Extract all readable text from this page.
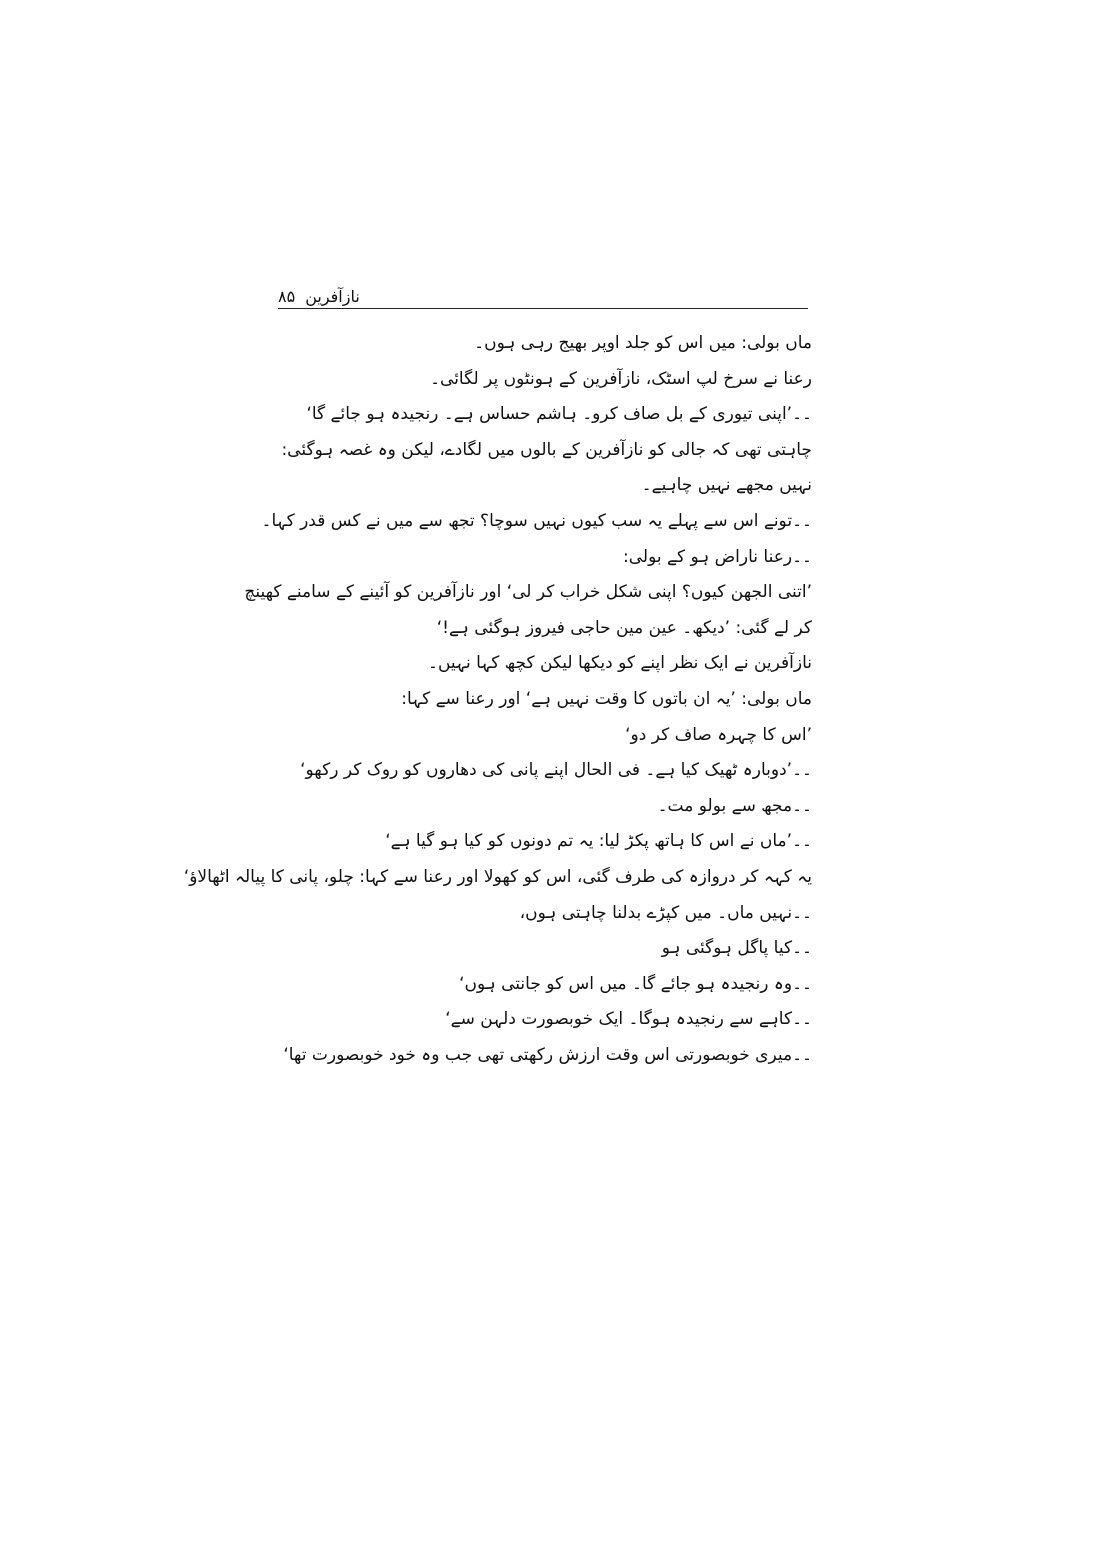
نازآفرین
۸۵
ماں بولی: میں اس کو جلد اوپر بھیج رہی ہوں۔
رعنا نے سرخ لپ اسٹک، نازآفرین کے ہونٹوں پر لگائی۔
۔۔’اپنی تیوری کے بل صاف کرو۔ ہاشم حساس ہے۔ رنجیدہ ہو جائے گا‘
چاہتی تھی کہ جالی کو نازآفرین کے بالوں میں لگادے، لیکن وہ غصہ ہوگئی:
نہیں مجھے نہیں چاہیے۔
۔۔تونے اس سے پہلے یہ سب کیوں نہیں سوچا؟ تجھ سے میں نے کس قدر کہا۔
۔۔رعنا ناراض ہو کے بولی:
’اتنی الجھن کیوں؟ اپنی شکل خراب کر لی‘ اور نازآفرین کو آئینے کے سامنے کھینچ
کر لے گئی: ’دیکھ۔ عین مین حاجی فیروز ہوگئی ہے!‘
نازآفرین نے ایک نظر اپنے کو دیکھا لیکن کچھ کہا نہیں۔
ماں بولی: ’یہ ان باتوں کا وقت نہیں ہے‘ اور رعنا سے کہا:
’اس کا چہرہ صاف کر دو‘
۔۔’دوبارہ ٹھیک کیا ہے۔ فی الحال اپنے پانی کی دھاروں کو روک کر رکھو‘
۔۔مجھ سے بولو مت۔
۔۔’ماں نے اس کا ہاتھ پکڑ لیا: یہ تم دونوں کو کیا ہو گیا ہے‘
یہ کہہ کر دروازہ کی طرف گئی، اس کو کھولا اور رعنا سے کہا: چلو، پانی کا پیالہ اٹھالاؤ‘
۔۔نہیں ماں۔ میں کپڑے بدلنا چاہتی ہوں،
۔۔کیا پاگل ہوگئی ہو
۔۔وہ رنجیدہ ہو جائے گا۔ میں اس کو جانتی ہوں‘
۔۔کاہے سے رنجیدہ ہوگا۔ ایک خوبصورت دلہن سے‘
۔۔میری خوبصورتی اس وقت ارزش رکھتی تھی جب وہ خود خوبصورت تھا‘
